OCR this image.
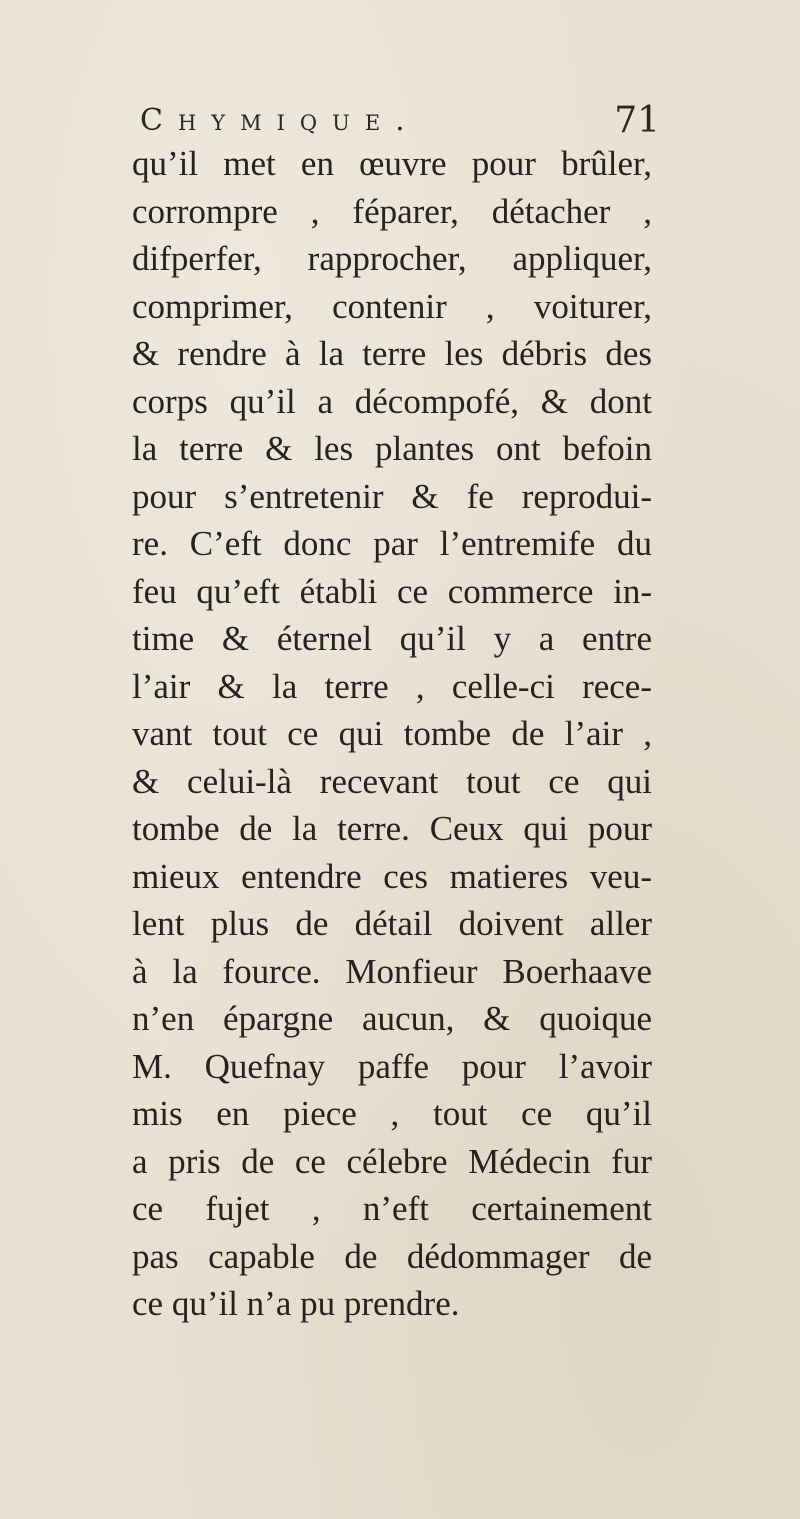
Chymique.	71
qu’il met en œuvre pour brûler,
corrompre , féparer, détacher ,
difperfer, rapprocher, appliquer,
comprimer, contenir , voiturer,
& rendre à la terre les débris des
corps qu’il a décompofé, & dont
la terre & les plantes ont befoin
pour s’entretenir & fe reprodui-
re. C’eft donc par l’entremife du
feu qu’eft établi ce commerce in-
time & éternel qu’il y a entre
l’air & la terre , celle-ci rece-
vant tout ce qui tombe de l’air ,
& celui-là recevant tout ce qui
tombe de la terre. Ceux qui pour
mieux entendre ces matieres veu-
lent plus de détail doivent aller
à la fource. Monfieur Boerhaave
n’en épargne aucun, & quoique
M. Quefnay paffe pour l’avoir
mis en piece , tout ce qu’il
a pris de ce célebre Médecin fur
ce fujet , n’eft certainement
pas capable de dédommager de
ce qu’il n’a pu prendre.
